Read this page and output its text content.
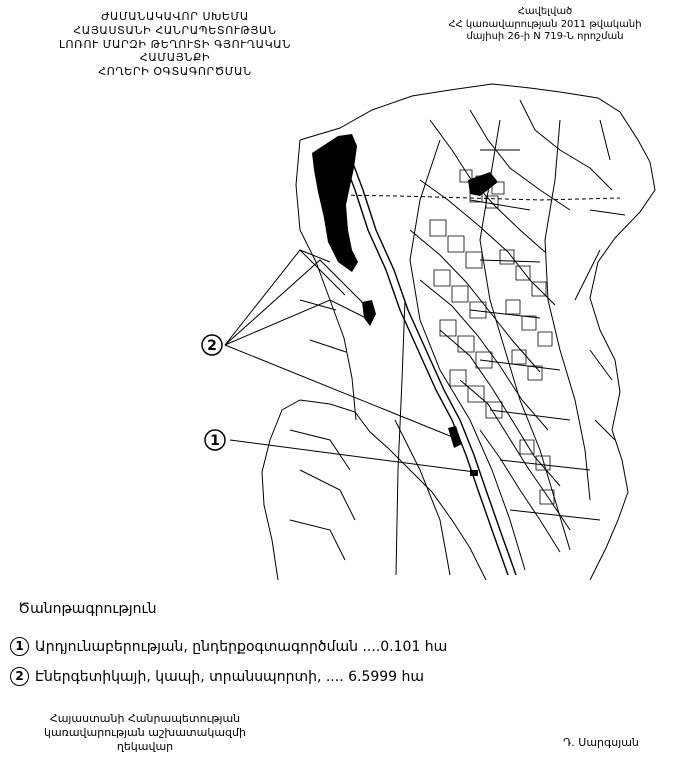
ԺԱՄԱՆԱԿԱՎՈՐ ՍԽԵՄԱ
ՀԱՅԱՍՏԱՆԻ ՀԱՆՐԱՊԵՏՈՒԹՅԱՆ
ԼՈՌՈՒ ՄԱՐԶԻ ԹԵՂՈՒՏԻ ԳՅՈՒՂԱԿԱՆ ՀԱՄԱՅՆՔԻ
ՀՈՂԵՐԻ ՕԳՏԱԳՈՐԾՄԱՆ
Հավելված
ՀՀ կառավարության 2011 թվականի
մայիսի 26-ի N 719-Ն որոշման
2
1
Ծանոթագրություն
1 Արդյունաբերության, ընդերքօգտագործման ....0.101 հա
2 Էներգետիկայի, կապի, տրանսպորտի, .... 6.5999 հա
Հայաստանի Հանրապետության
կառավարության աշխատակազմի
ղեկավար	Դ. Սարգսյան
